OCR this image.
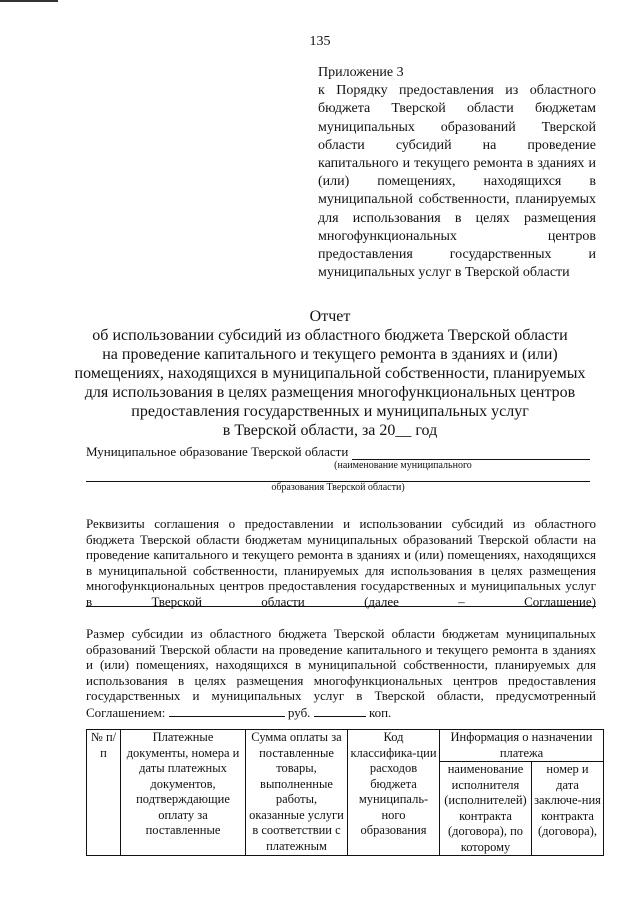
135
Приложение 3
к Порядку предоставления из областного бюджета Тверской области бюджетам муниципальных образований Тверской области субсидий на проведение капитального и текущего ремонта в зданиях и (или) помещениях, находящихся в муниципальной собственности, планируемых для использования в целях размещения многофункциональных центров предоставления государственных и
муниципальных услуг в Тверской области
Отчет
об использовании субсидий из областного бюджета Тверской области
на проведение капитального и текущего ремонта в зданиях и (или)
помещениях, находящихся в муниципальной собственности, планируемых
для использования в целях размещения многофункциональных центров
предоставления государственных и муниципальных услуг
в Тверской области, за 20__ год
Муниципальное образование Тверской области
(наименование муниципального
образования Тверской области)
Реквизиты соглашения о предоставлении и использовании субсидий из областного бюджета Тверской области бюджетам муниципальных образований Тверской области на проведение капитального и текущего ремонта в зданиях и (или) помещениях, находящихся в муниципальной собственности, планируемых для использования в целях размещения многофункциональных центров предоставления государственных и муниципальных услуг в Тверской области (далее – Соглашение)
Размер субсидии из областного бюджета Тверской области бюджетам муниципальных образований Тверской области на проведение капитального и текущего ремонта в зданиях и (или) помещениях, находящихся в муниципальной собственности, планируемых для использования в целях размещения многофункциональных центров предоставления государственных и муниципальных услуг в Тверской области, предусмотренный
Соглашением:	руб.	коп.
№ п/п	Платежные документы, номера и даты платежных документов, подтверждающие оплату за поставленные	Сумма оплаты за поставленные товары, выполненные работы, оказанные услуги в соответствии с платежным	Код классифика-ции расходов бюджета муниципаль-ного образования	Информация о назначении платежа	
				наименование исполнителя (исполнителей) контракта (договора), по которому	номер и дата заключе-ния контракта (договора),
